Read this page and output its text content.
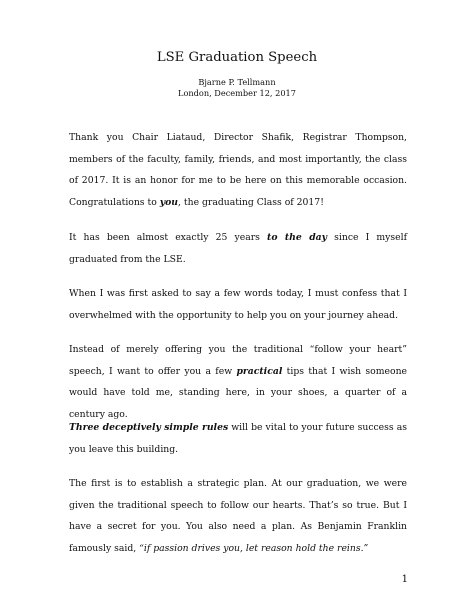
LSE Graduation Speech
Bjarne P. Tellmann
London, December 12, 2017

Thank you Chair Liataud, Director Shafik, Registrar Thompson, members of the faculty, family, friends, and most importantly, the class of 2017. It is an honor for me to be here on this memorable occasion. Congratulations to you, the graduating Class of 2017!

It has been almost exactly 25 years to the day since I myself graduated from the LSE.

When I was first asked to say a few words today, I must confess that I overwhelmed with the opportunity to help you on your journey ahead.

Instead of merely offering you the traditional “follow your heart” speech, I want to offer you a few practical tips that I wish someone would have told me, standing here, in your shoes, a quarter of a century ago.

Three deceptively simple rules will be vital to your future success as you leave this building.

The first is to establish a strategic plan. At our graduation, we were given the traditional speech to follow our hearts. That’s so true. But I have a secret for you. You also need a plan. As Benjamin Franklin famously said, “if passion drives you, let reason hold the reins.”

1
